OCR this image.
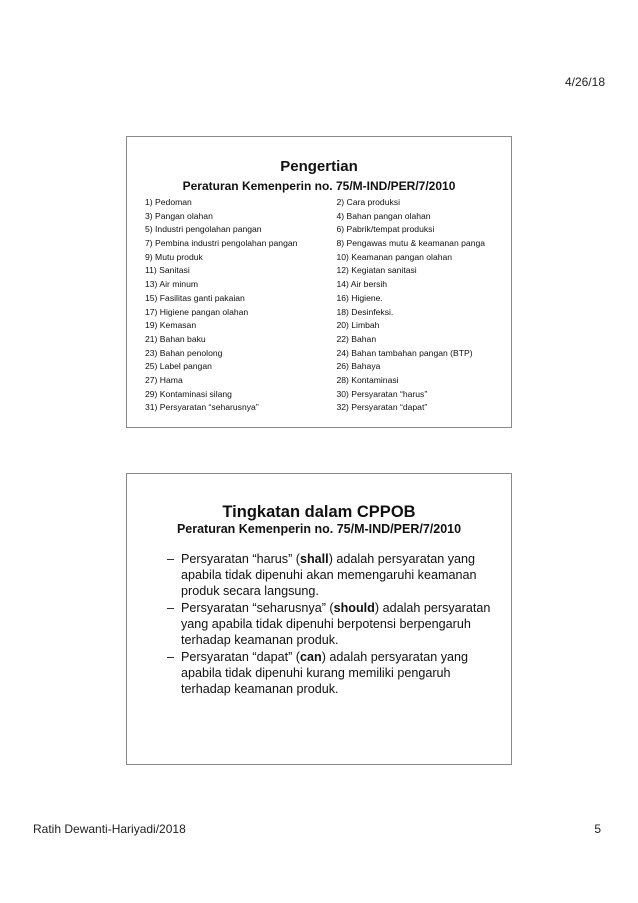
4/26/18
Pengertian
Peraturan Kemenperin no. 75/M-IND/PER/7/2010
1) Pedoman	2) Cara produksi
3) Pangan olahan	4) Bahan pangan olahan
5) Industri pengolahan pangan	6) Pabrik/tempat produksi
7) Pembina industri pengolahan pangan	8) Pengawas mutu & keamanan panga
9) Mutu produk	10) Keamanan pangan olahan
11) Sanitasi	12) Kegiatan sanitasi
13) Air minum	14) Air bersih
15) Fasilitas ganti pakaian	16) Higiene.
17) Higiene pangan olahan	18) Desinfeksi.
19) Kemasan	20) Limbah
21) Bahan baku	22) Bahan
23) Bahan penolong	24) Bahan tambahan pangan (BTP)
25) Label pangan	26) Bahaya
27) Hama	28) Kontaminasi
29) Kontaminasi silang	30) Persyaratan “harus”
31) Persyaratan “seharusnya”	32) Persyaratan “dapat”
Tingkatan dalam CPPOB
Peraturan Kemenperin no. 75/M-IND/PER/7/2010
– Persyaratan “harus” (shall) adalah persyaratan yang apabila tidak dipenuhi akan memengaruhi keamanan produk secara langsung.
– Persyaratan “seharusnya” (should) adalah persyaratan yang apabila tidak dipenuhi berpotensi berpengaruh terhadap keamanan produk.
– Persyaratan “dapat” (can) adalah persyaratan yang apabila tidak dipenuhi kurang memiliki pengaruh terhadap keamanan produk.
Ratih Dewanti-Hariyadi/2018	5
